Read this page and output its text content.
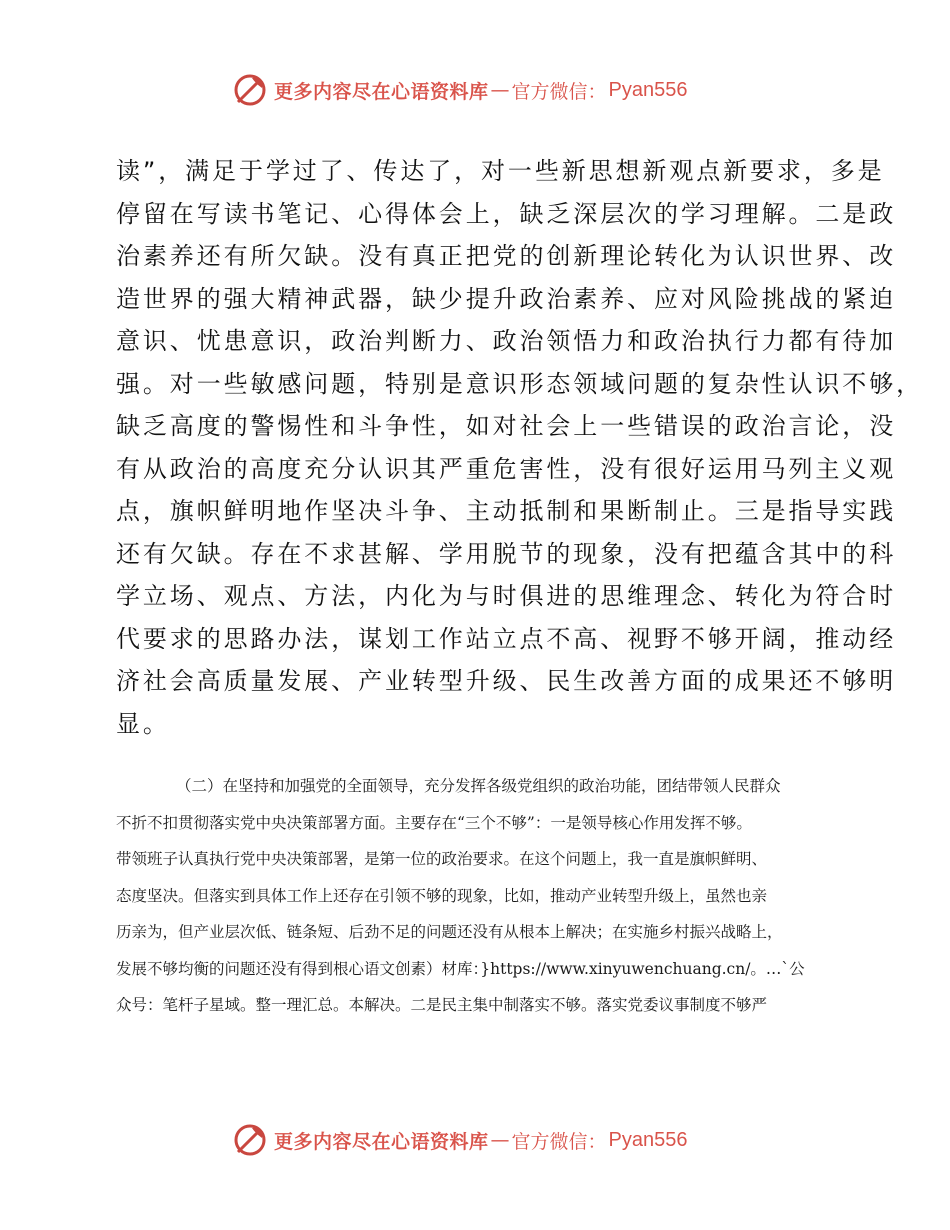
更多内容尽在心语资料库 — 官方微信： Pyan556
读”，满足于学过了、传达了，对一些新思想新观点新要求，多是
停留在写读书笔记、心得体会上，缺乏深层次的学习理解。二是政
治素养还有所欠缺。没有真正把党的创新理论转化为认识世界、改
造世界的强大精神武器，缺少提升政治素养、应对风险挑战的紧迫
意识、忧患意识，政治判断力、政治领悟力和政治执行力都有待加
强。对一些敏感问题，特别是意识形态领域问题的复杂性认识不够，
缺乏高度的警惕性和斗争性，如对社会上一些错误的政治言论，没
有从政治的高度充分认识其严重危害性，没有很好运用马列主义观
点，旗帜鲜明地作坚决斗争、主动抵制和果断制止。三是指导实践
还有欠缺。存在不求甚解、学用脱节的现象，没有把蕴含其中的科
学立场、观点、方法，内化为与时俱进的思维理念、转化为符合时
代要求的思路办法，谋划工作站立点不高、视野不够开阔，推动经
济社会高质量发展、产业转型升级、民生改善方面的成果还不够明
显。
（二）在坚持和加强党的全面领导，充分发挥各级党组织的政治功能，团结带领人民群众
不折不扣贯彻落实党中央决策部署方面。主要存在“三个不够”：一是领导核心作用发挥不够。
带领班子认真执行党中央决策部署，是第一位的政治要求。在这个问题上，我一直是旗帜鲜明、
态度坚决。但落实到具体工作上还存在引领不够的现象，比如，推动产业转型升级上，虽然也亲
历亲为，但产业层次低、链条短、后劲不足的问题还没有从根本上解决；在实施乡村振兴战略上，
发展不够均衡的问题还没有得到根心语文创素）材库：}https://www.xinyuwenchuang.cn/。…`公
众号：笔杆子星域。整一理汇总。本解决。二是民主集中制落实不够。落实党委议事制度不够严
更多内容尽在心语资料库 — 官方微信： Pyan556
